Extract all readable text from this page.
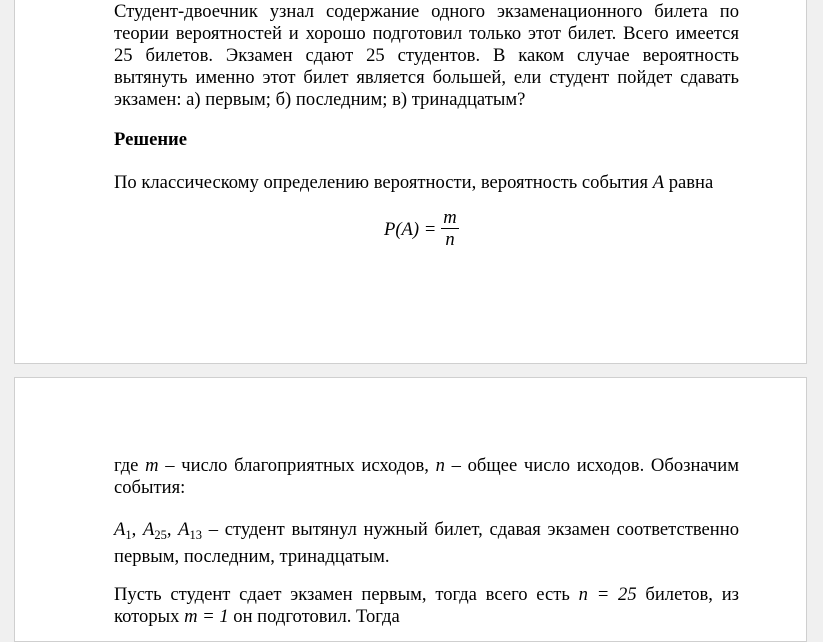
Студент-двоечник узнал содержание одного экзаменационного билета по теории вероятностей и хорошо подготовил только этот билет. Всего имеется 25 билетов. Экзамен сдают 25 студентов. В каком случае вероятность вытянуть именно этот билет является большей, ели студент пойдет сдавать экзамен: а) первым; б) последним; в) тринадцатым?
Решение
По классическому определению вероятности, вероятность события A равна
$P(A) = \frac{m}{n}$
где m – число благоприятных исходов, n – общее число исходов. Обозначим события:
$A_1$, $A_{25}$, $A_{13}$ – студент вытянул нужный билет, сдавая экзамен соответственно первым, последним, тринадцатым.
Пусть студент сдает экзамен первым, тогда всего есть n = 25 билетов, из которых m = 1 он подготовил. Тогда
